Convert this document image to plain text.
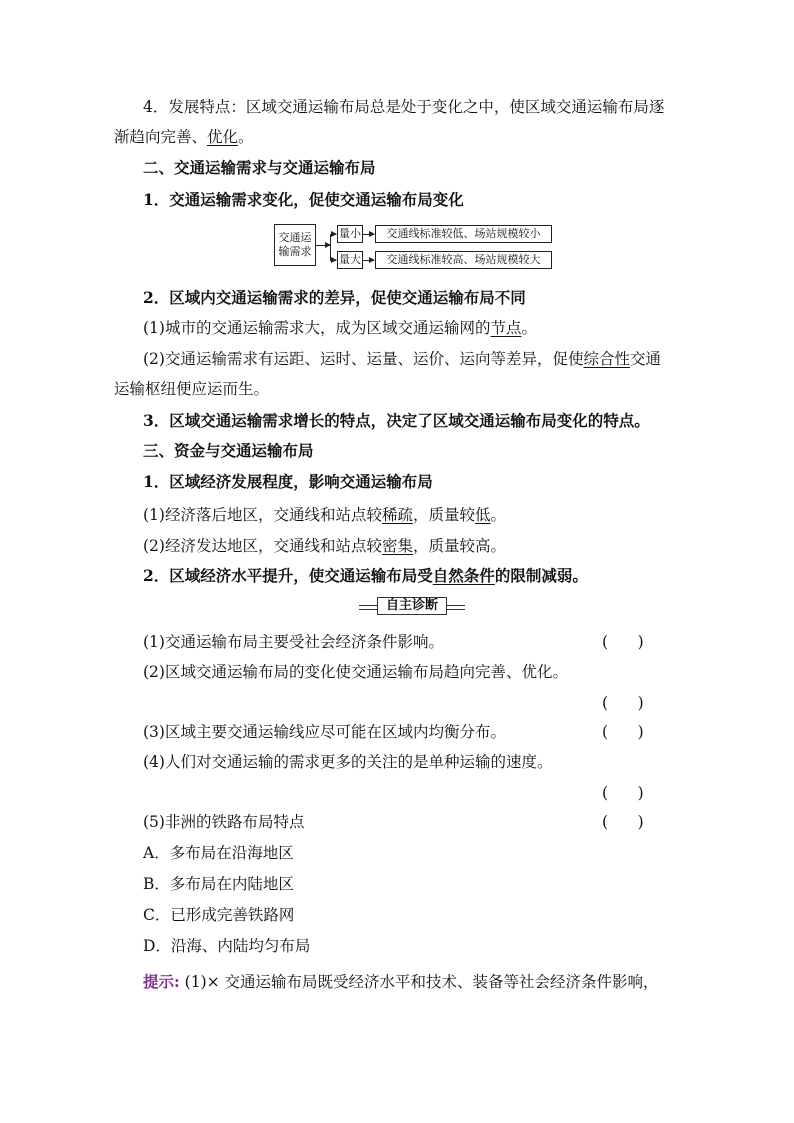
4．发展特点：区域交通运输布局总是处于变化之中，使区域交通运输布局逐
渐趋向完善、优化。
二、交通运输需求与交通运输布局
1．交通运输需求变化，促使交通运输布局变化
交通运
输需求
量小
量大
交通线标准较低、场站规模较小
交通线标准较高、场站规模较大
2．区域内交通运输需求的差异，促使交通运输布局不同
(1)城市的交通运输需求大，成为区域交通运输网的节点。
(2)交通运输需求有运距、运时、运量、运价、运向等差异，促使综合性交通
运输枢纽便应运而生。
3．区域交通运输需求增长的特点，决定了区域交通运输布局变化的特点。
三、资金与交通运输布局
1．区域经济发展程度，影响交通运输布局
(1)经济落后地区，交通线和站点较稀疏，质量较低。
(2)经济发达地区，交通线和站点较密集，质量较高。
2．区域经济水平提升，使交通运输布局受自然条件的限制减弱。
自主诊断
(1)交通运输布局主要受社会经济条件影响。	(      )
(2)区域交通运输布局的变化使交通运输布局趋向完善、优化。
(      )
(3)区域主要交通运输线应尽可能在区域内均衡分布。	(      )
(4)人们对交通运输的需求更多的关注的是单种运输的速度。
(      )
(5)非洲的铁路布局特点	(      )
A．多布局在沿海地区
B．多布局在内陆地区
C．已形成完善铁路网
D．沿海、内陆均匀布局
提示: (1)× 交通运输布局既受经济水平和技术、装备等社会经济条件影响，
